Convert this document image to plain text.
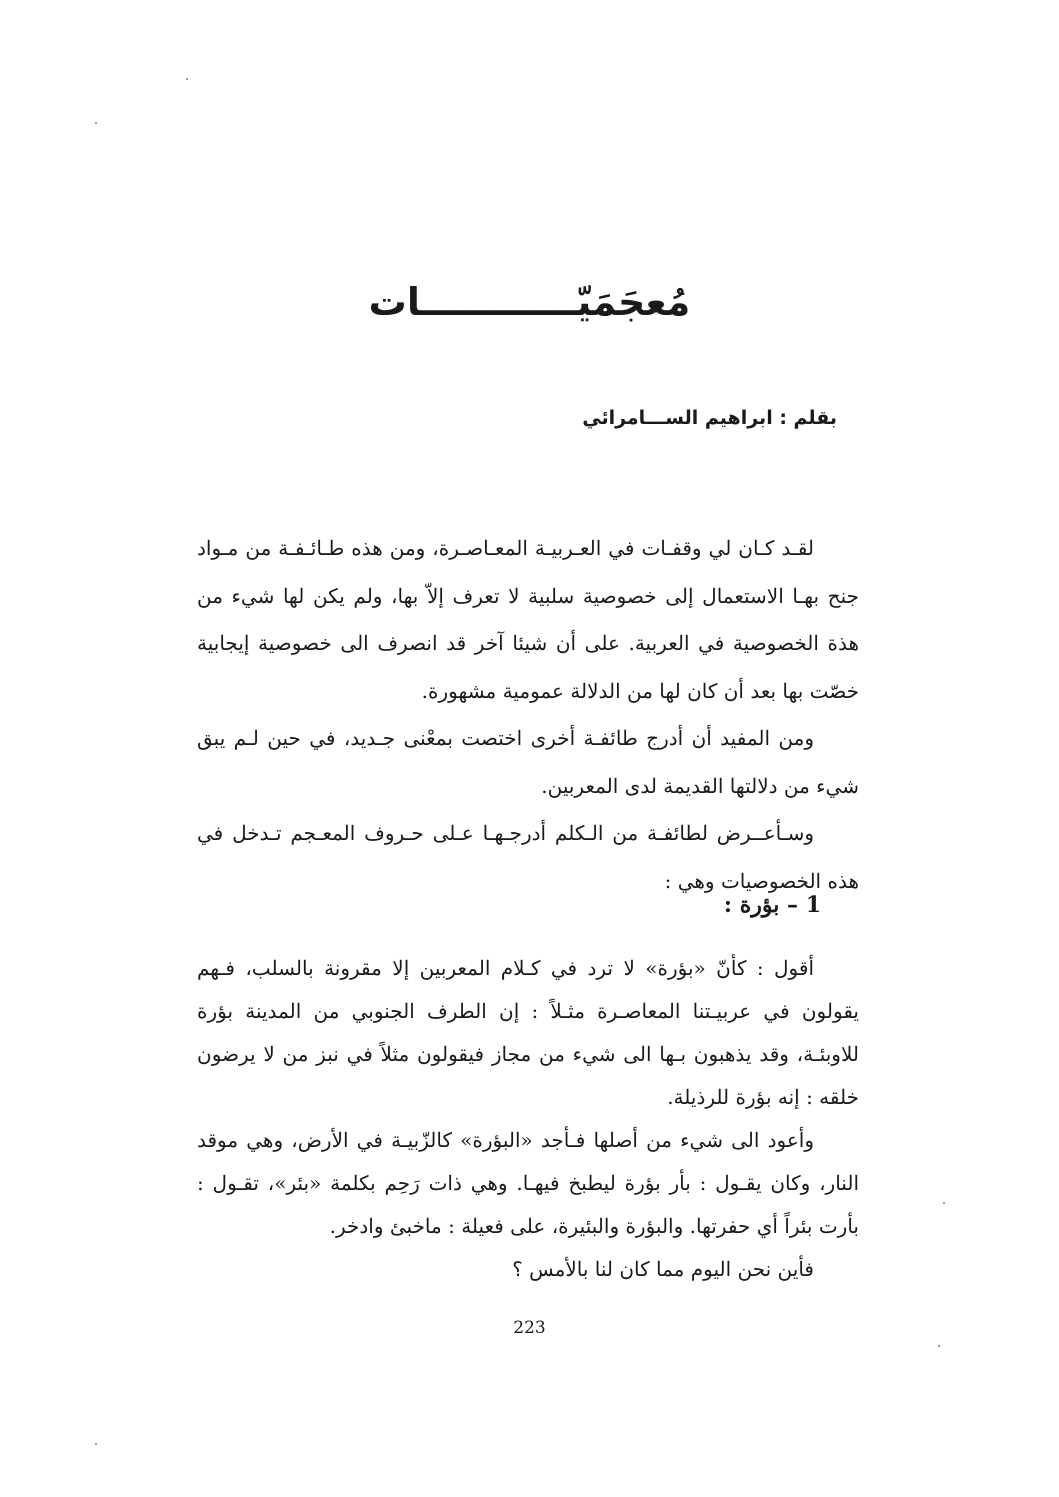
مُعجَمَيّــــــــــــات
بقلم : ابراهيم الســـامرائي

لقـد كـان لي وقفـات في العـربيـة المعـاصـرة، ومن هذه طـائـفـة من مـواد جنح بهـا الاستعمال إلى خصوصية سلبية لا تعرف إلاّ بها، ولم يكن لها شيء من هذة الخصوصية في العربية. على أن شيئا آخر قد انصرف الى خصوصية إيجابية خصّت بها بعد أن كان لها من الدلالة عمومية مشهورة.

ومن المفيد أن أدرج طائفـة أخرى اختصت بمعْنى جـديد، في حين لـم يبق شيء من دلالتها القديمة لدى المعربين.

وسـأعــرض لطائفـة من الـكلم أدرجـهـا عـلى حـروف المعـجم تـدخل في هذه الخصوصيات وهي :

1 – بؤرة :

أقول : كأنّ «بؤرة» لا ترد في كـلام المعربين إلا مقرونة بالسلب، فـهم يقولون في عربيـتنا المعاصـرة مثـلاً : إن الطرف الجنوبي من المدينة بؤرة للاوبئـة، وقد يذهبون بـها الى شيء من مجاز فيقولون مثلاً في نبز من لا يرضون خلقه : إنه بؤرة للرذيلة.

وأعود الى شيء من أصلها فـأجد «البؤرة» كالزّبيـة في الأرض، وهي موقد النار، وكان يقـول : بأر بؤرة ليطبخ فيهـا. وهي ذات رَحِم بكلمة «بئر»، تقـول : بأرت بئراً أي حفرتها. والبؤرة والبئيرة، على فعيلة : ماخبئ وادخر.

فأين نحن اليوم مما كان لنا بالأمس ؟

223
